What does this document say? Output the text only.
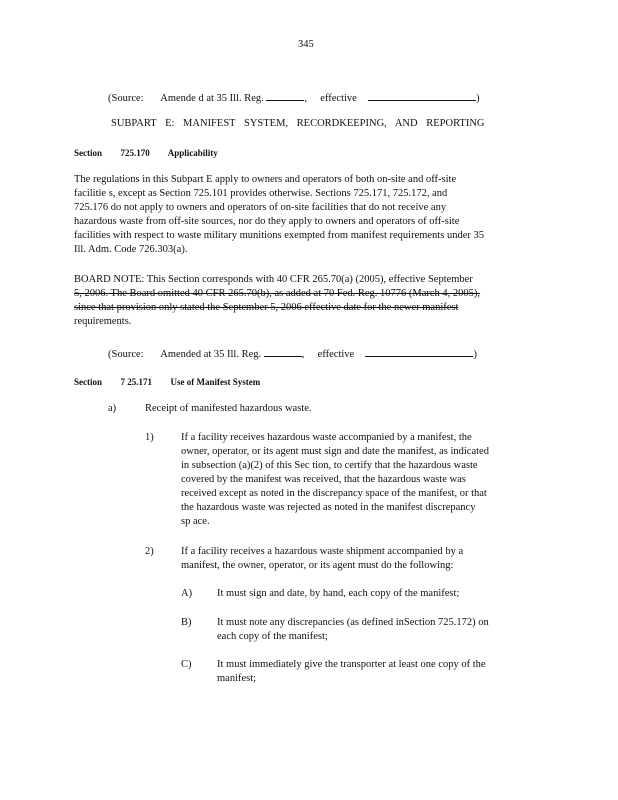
345
(Source: Amende d at 35 Ill. Reg.	, effective	)
SUBPART E: MANIFEST SYSTEM, RECORDKEEPING, AND REPORTING
Section 725.170 Applicability
The regulations in this Subpart E apply to owners and operators of both on-site and off-site
facilitie s, except as Section 725.101 provides otherwise. Sections 725.171, 725.172, and
725.176 do not apply to owners and operators of on-site facilities that do not receive any
hazardous waste from off-site sources, nor do they apply to owners and operators of off-site
facilities with respect to waste military munitions exempted from manifest requirements under 35
Ill. Adm. Code 726.303(a).
BOARD NOTE: This Section corresponds with 40 CFR 265.70(a) (2005), effective September
5, 2006. The Board omitted 40 CFR 265.70(b), as added at 70 Fed. Reg. 10776 (March 4, 2005),
since that provision only stated the September 5, 2006 effective date for the newer manifest
requirements.
(Source: Amended at 35 Ill. Reg.	, effective	)
Section 7 25.171 Use of Manifest System
a)	Receipt of manifested hazardous waste.
1)	If a facility receives hazardous waste accompanied by a manifest, the
owner, operator, or its agent must sign and date the manifest, as indicated
in subsection (a)(2) of this Sec tion, to certify that the hazardous waste
covered by the manifest was received, that the hazardous waste was
received except as noted in the discrepancy space of the manifest, or that
the hazardous waste was rejected as noted in the manifest discrepancy
sp ace.
2)	If a facility receives a hazardous waste shipment accompanied by a
manifest, the owner, operator, or its agent must do the following:
A) It must sign and date, by hand, each copy of the manifest;
B) It must note any discrepancies (as defined inSection 725.172) on
each copy of the manifest;
C) It must immediately give the transporter at least one copy of the
manifest;
